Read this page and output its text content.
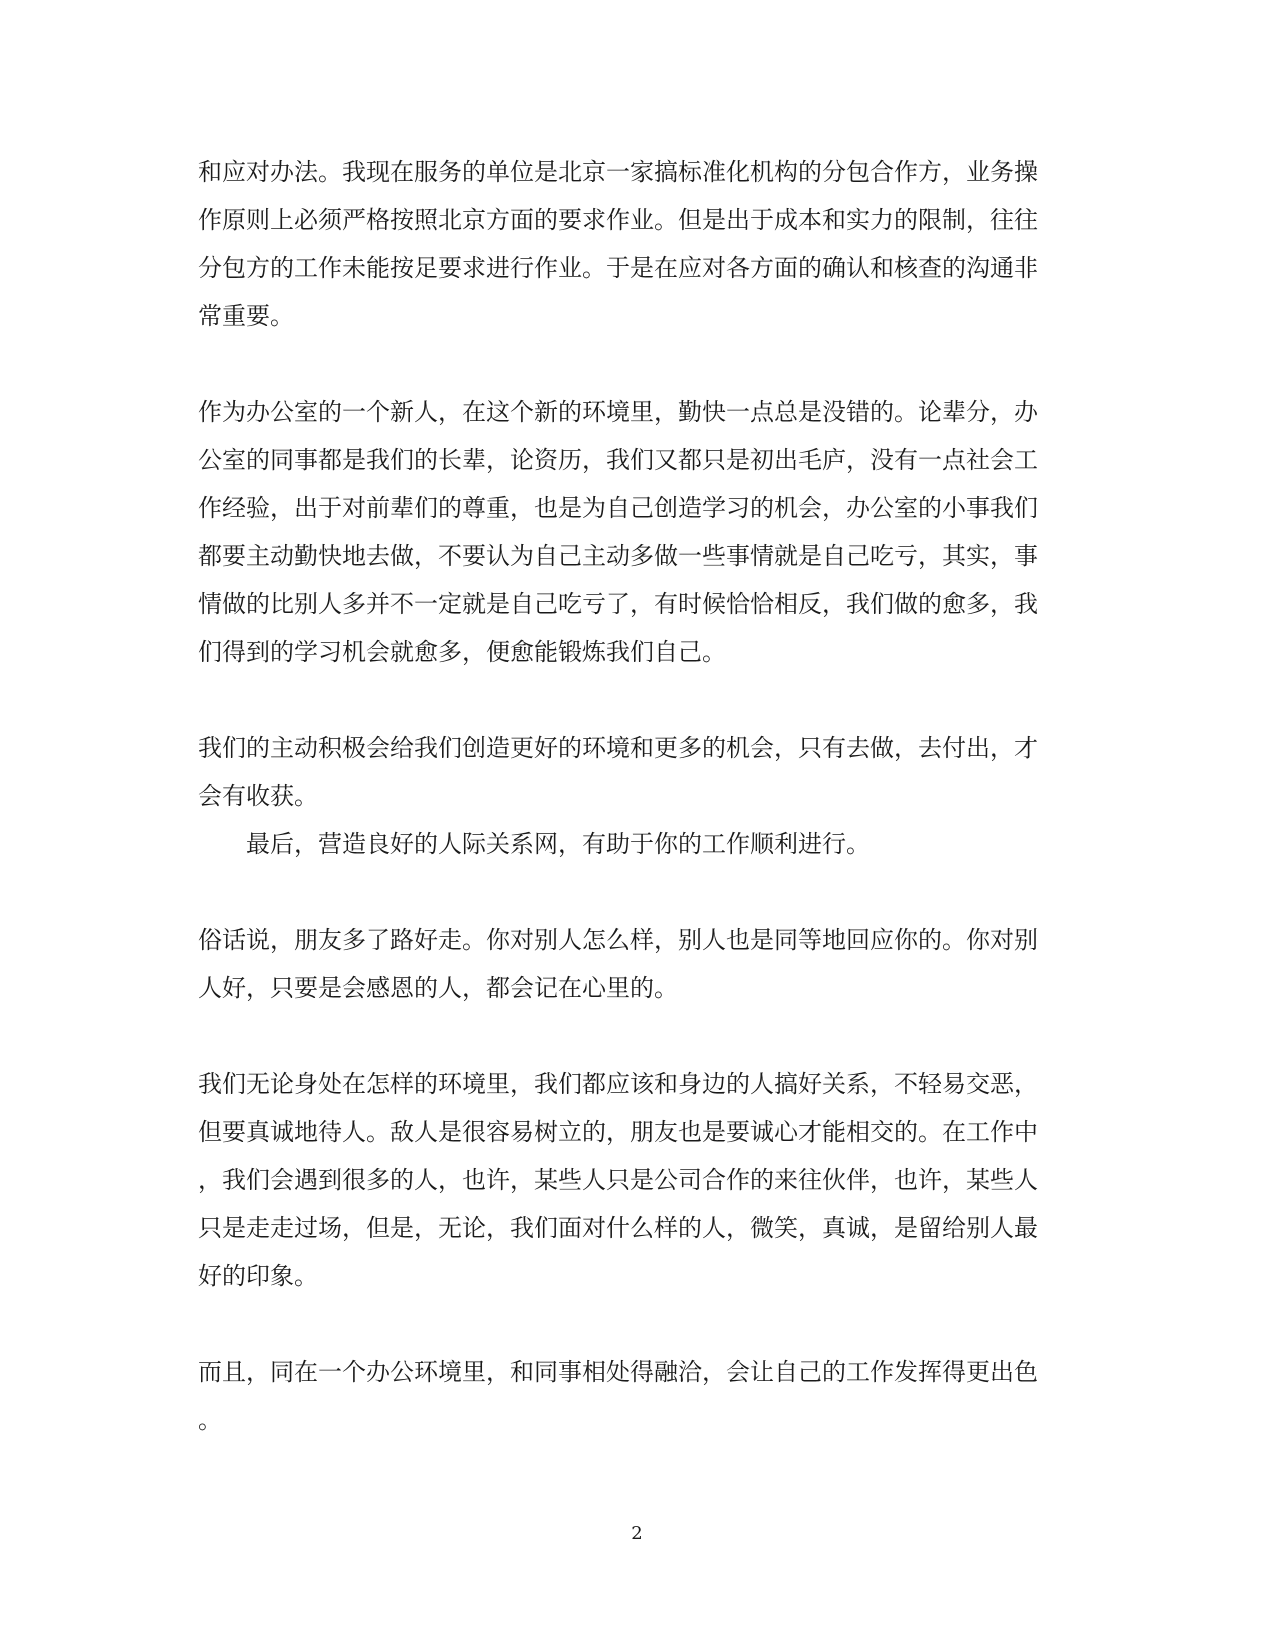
和应对办法。我现在服务的单位是北京一家搞标准化机构的分包合作方，业务操
作原则上必须严格按照北京方面的要求作业。但是出于成本和实力的限制，往往
分包方的工作未能按足要求进行作业。于是在应对各方面的确认和核查的沟通非
常重要。
作为办公室的一个新人，在这个新的环境里，勤快一点总是没错的。论辈分，办
公室的同事都是我们的长辈，论资历，我们又都只是初出毛庐，没有一点社会工
作经验，出于对前辈们的尊重，也是为自己创造学习的机会，办公室的小事我们
都要主动勤快地去做，不要认为自己主动多做一些事情就是自己吃亏，其实，事
情做的比别人多并不一定就是自己吃亏了，有时候恰恰相反，我们做的愈多，我
们得到的学习机会就愈多，便愈能锻炼我们自己。
我们的主动积极会给我们创造更好的环境和更多的机会，只有去做，去付出，才
会有收获。
　　最后，营造良好的人际关系网，有助于你的工作顺利进行。
俗话说，朋友多了路好走。你对别人怎么样，别人也是同等地回应你的。你对别
人好，只要是会感恩的人，都会记在心里的。
我们无论身处在怎样的环境里，我们都应该和身边的人搞好关系，不轻易交恶，
但要真诚地待人。敌人是很容易树立的，朋友也是要诚心才能相交的。在工作中
，我们会遇到很多的人，也许，某些人只是公司合作的来往伙伴，也许，某些人
只是走走过场，但是，无论，我们面对什么样的人，微笑，真诚，是留给别人最
好的印象。
而且，同在一个办公环境里，和同事相处得融洽，会让自己的工作发挥得更出色
。
2
